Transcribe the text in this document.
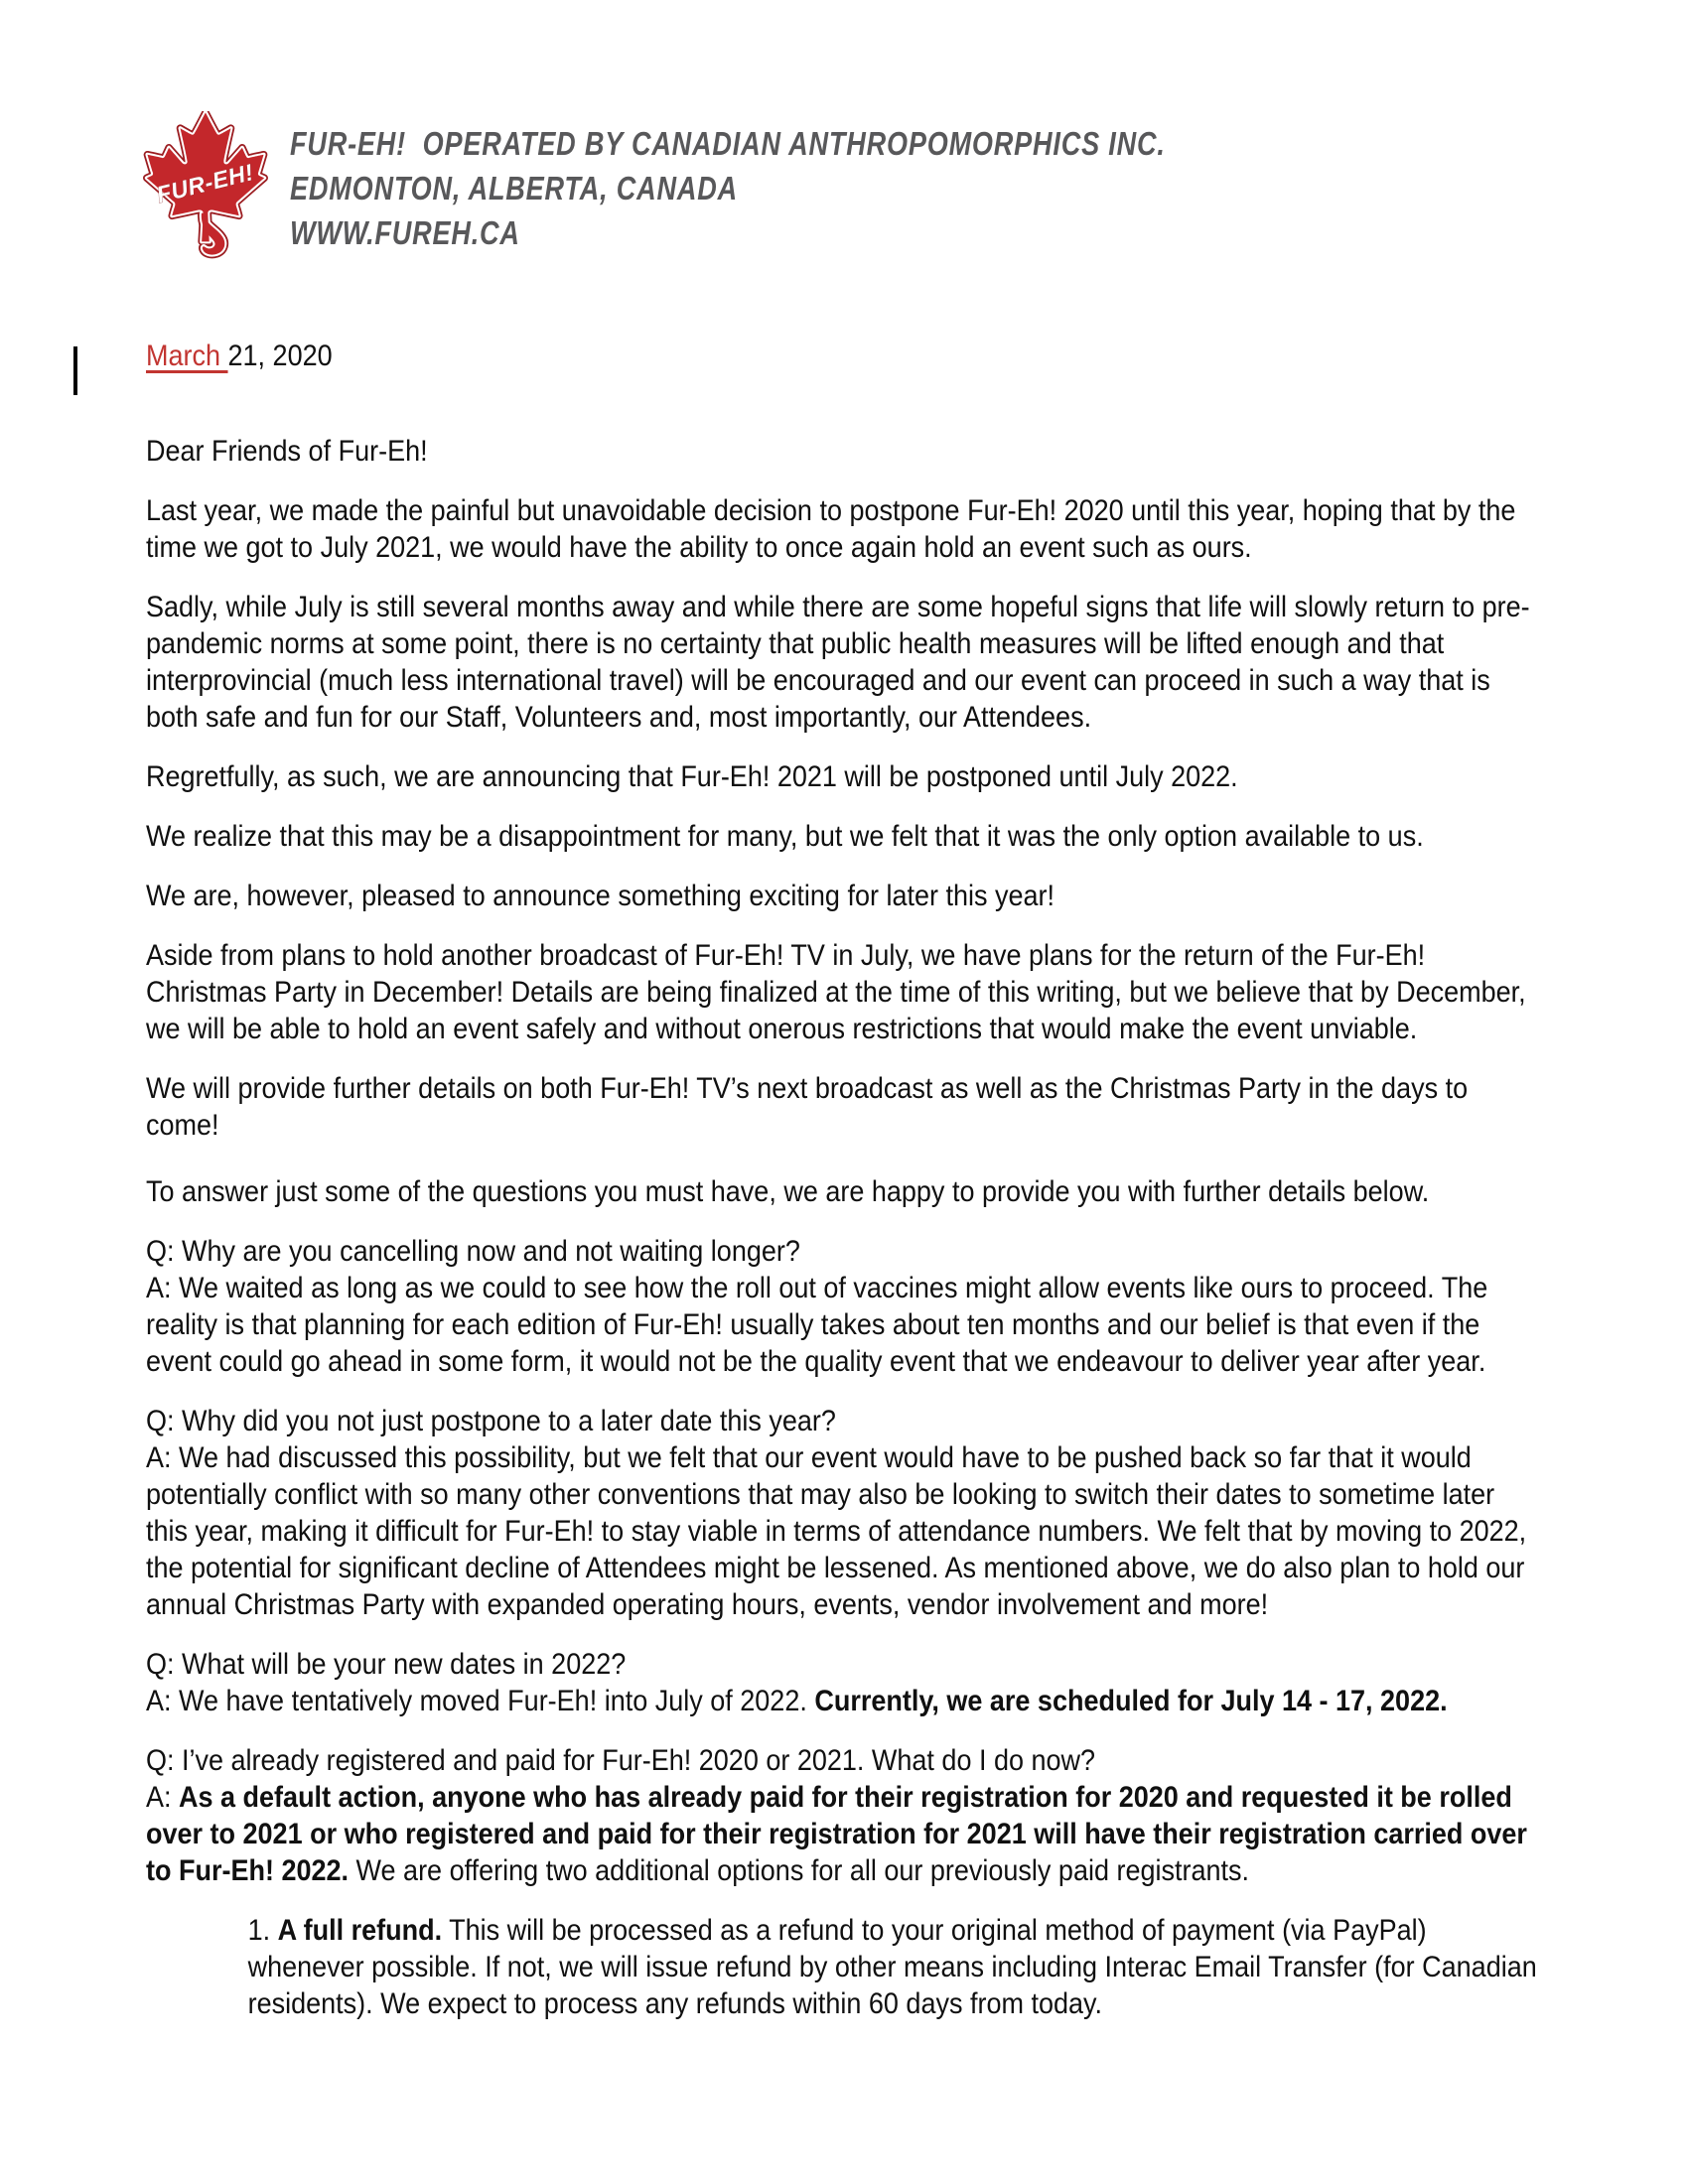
FUR-EH!
FUR-EH!  OPERATED BY CANADIAN ANTHROPOMORPHICS INC.
EDMONTON, ALBERTA, CANADA
WWW.FUREH.CA
March 21, 2020
Dear Friends of Fur-Eh!
Last year, we made the painful but unavoidable decision to postpone Fur-Eh! 2020 until this year, hoping that by the time we got to July 2021, we would have the ability to once again hold an event such as ours.
Sadly, while July is still several months away and while there are some hopeful signs that life will slowly return to pre-pandemic norms at some point, there is no certainty that public health measures will be lifted enough and that interprovincial (much less international travel) will be encouraged and our event can proceed in such a way that is both safe and fun for our Staff, Volunteers and, most importantly, our Attendees.
Regretfully, as such, we are announcing that Fur-Eh! 2021 will be postponed until July 2022.
We realize that this may be a disappointment for many, but we felt that it was the only option available to us.
We are, however, pleased to announce something exciting for later this year!
Aside from plans to hold another broadcast of Fur-Eh! TV in July, we have plans for the return of the Fur-Eh! Christmas Party in December! Details are being finalized at the time of this writing, but we believe that by December, we will be able to hold an event safely and without onerous restrictions that would make the event unviable.
We will provide further details on both Fur-Eh! TV’s next broadcast as well as the Christmas Party in the days to come!
To answer just some of the questions you must have, we are happy to provide you with further details below.
Q: Why are you cancelling now and not waiting longer?
A: We waited as long as we could to see how the roll out of vaccines might allow events like ours to proceed. The reality is that planning for each edition of Fur-Eh! usually takes about ten months and our belief is that even if the event could go ahead in some form, it would not be the quality event that we endeavour to deliver year after year.
Q: Why did you not just postpone to a later date this year?
A: We had discussed this possibility, but we felt that our event would have to be pushed back so far that it would potentially conflict with so many other conventions that may also be looking to switch their dates to sometime later this year, making it difficult for Fur-Eh! to stay viable in terms of attendance numbers. We felt that by moving to 2022, the potential for significant decline of Attendees might be lessened. As mentioned above, we do also plan to hold our annual Christmas Party with expanded operating hours, events, vendor involvement and more!
Q: What will be your new dates in 2022?
A: We have tentatively moved Fur-Eh! into July of 2022. Currently, we are scheduled for July 14 - 17, 2022.
Q: I’ve already registered and paid for Fur-Eh! 2020 or 2021. What do I do now?
A: As a default action, anyone who has already paid for their registration for 2020 and requested it be rolled over to 2021 or who registered and paid for their registration for 2021 will have their registration carried over to Fur-Eh! 2022. We are offering two additional options for all our previously paid registrants.
1. A full refund. This will be processed as a refund to your original method of payment (via PayPal) whenever possible. If not, we will issue refund by other means including Interac Email Transfer (for Canadian residents). We expect to process any refunds within 60 days from today.
